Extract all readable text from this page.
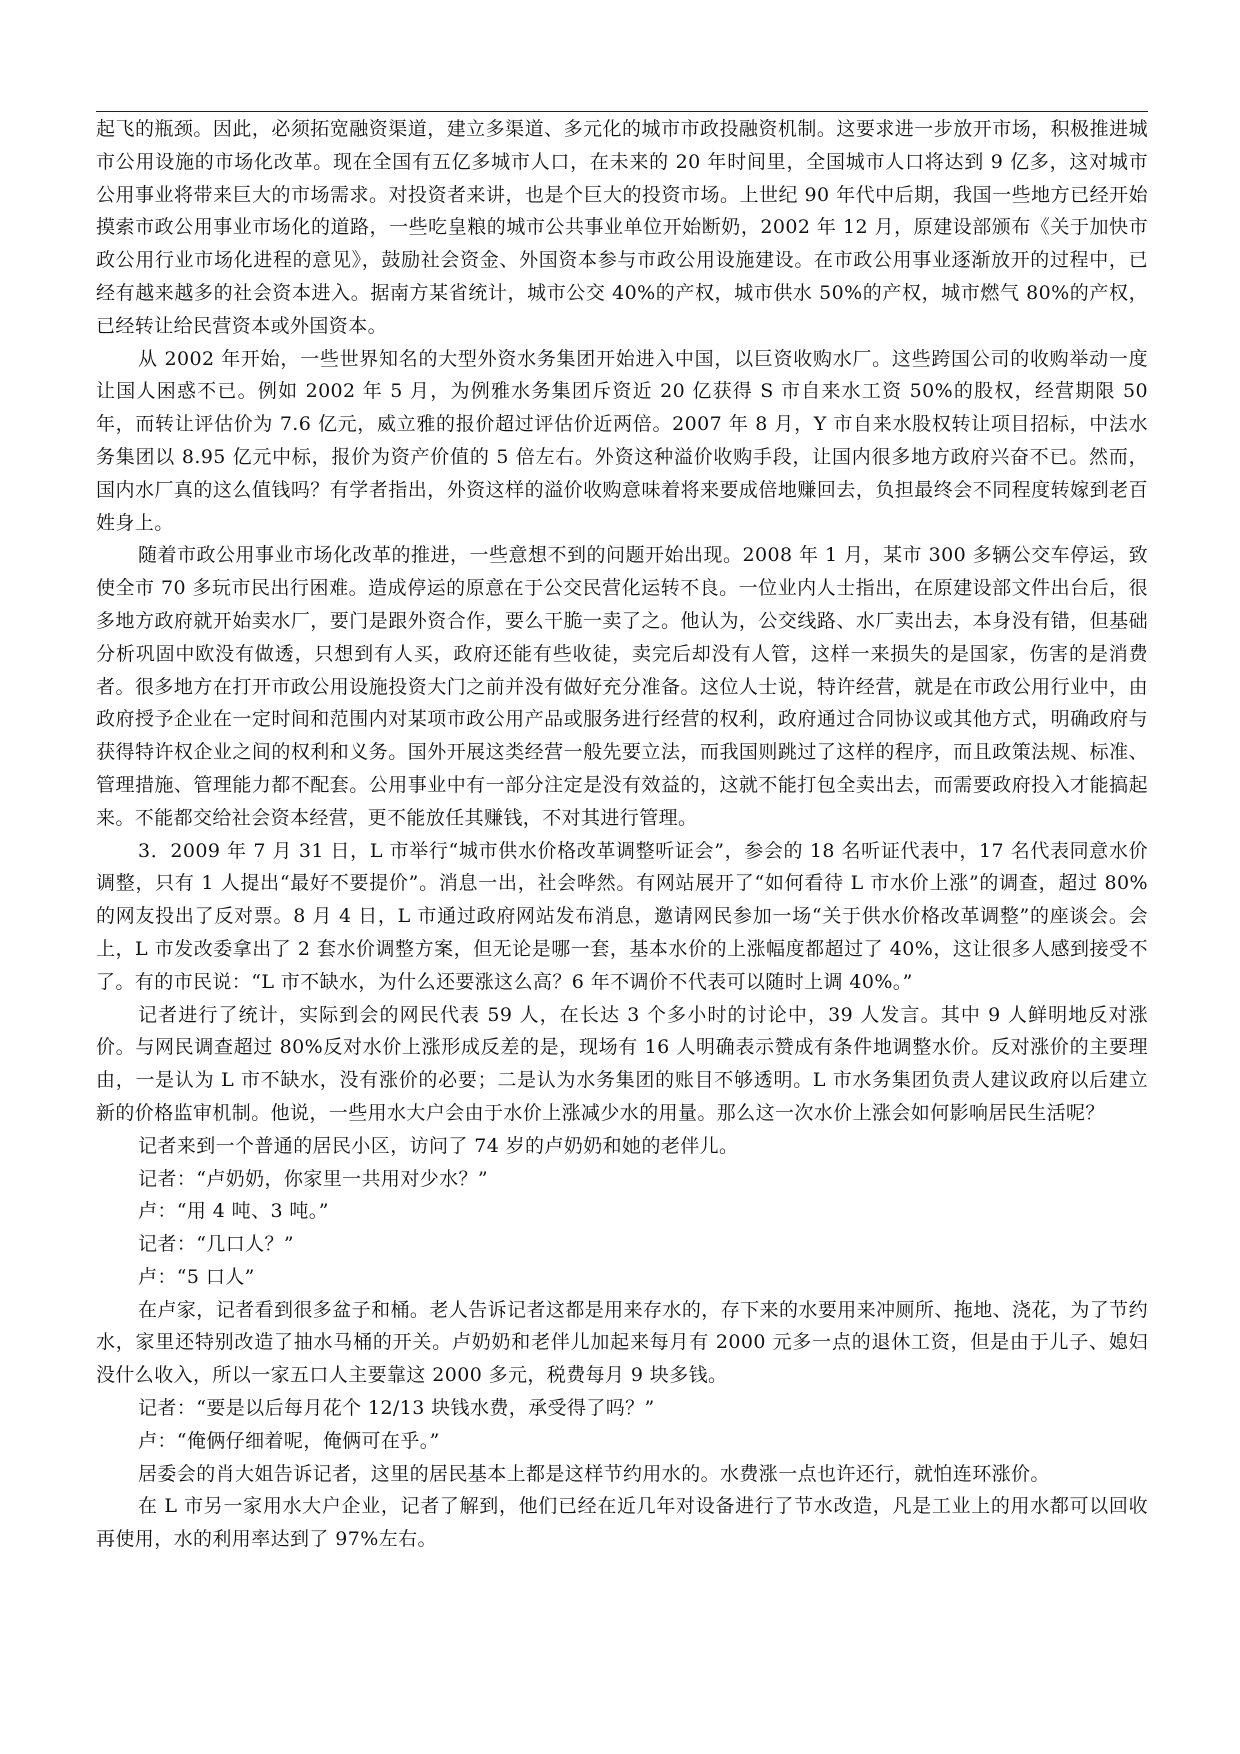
起飞的瓶颈。因此，必须拓宽融资渠道，建立多渠道、多元化的城市市政投融资机制。这要求进一步放开市场，积极推进城市公用设施的市场化改革。现在全国有五亿多城市人口，在未来的 20 年时间里，全国城市人口将达到 9 亿多，这对城市公用事业将带来巨大的市场需求。对投资者来讲，也是个巨大的投资市场。上世纪 90 年代中后期，我国一些地方已经开始摸索市政公用事业市场化的道路，一些吃皇粮的城市公共事业单位开始断奶，2002 年 12 月，原建设部颁布《关于加快市政公用行业市场化进程的意见》，鼓励社会资金、外国资本参与市政公用设施建设。在市政公用事业逐渐放开的过程中，已经有越来越多的社会资本进入。据南方某省统计，城市公交 40%的产权，城市供水 50%的产权，城市燃气 80%的产权，已经转让给民营资本或外国资本。

从 2002 年开始，一些世界知名的大型外资水务集团开始进入中国，以巨资收购水厂。这些跨国公司的收购举动一度让国人困惑不已。例如 2002 年 5 月，为例雅水务集团斥资近 20 亿获得 S 市自来水工资 50%的股权，经营期限 50 年，而转让评估价为 7.6 亿元，威立雅的报价超过评估价近两倍。2007 年 8 月，Y 市自来水股权转让项目招标，中法水务集团以 8.95 亿元中标，报价为资产价值的 5 倍左右。外资这种溢价收购手段，让国内很多地方政府兴奋不已。然而，国内水厂真的这么值钱吗？有学者指出，外资这样的溢价收购意味着将来要成倍地赚回去，负担最终会不同程度转嫁到老百姓身上。

随着市政公用事业市场化改革的推进，一些意想不到的问题开始出现。2008 年 1 月，某市 300 多辆公交车停运，致使全市 70 多玩市民出行困难。造成停运的原意在于公交民营化运转不良。一位业内人士指出，在原建设部文件出台后，很多地方政府就开始卖水厂，要门是跟外资合作，要么干脆一卖了之。他认为，公交线路、水厂卖出去，本身没有错，但基础分析巩固中欧没有做透，只想到有人买，政府还能有些收徒，卖完后却没有人管，这样一来损失的是国家，伤害的是消费者。很多地方在打开市政公用设施投资大门之前并没有做好充分准备。这位人士说，特许经营，就是在市政公用行业中，由政府授予企业在一定时间和范围内对某项市政公用产品或服务进行经营的权利，政府通过合同协议或其他方式，明确政府与获得特许权企业之间的权利和义务。国外开展这类经营一般先要立法，而我国则跳过了这样的程序，而且政策法规、标准、管理措施、管理能力都不配套。公用事业中有一部分注定是没有效益的，这就不能打包全卖出去，而需要政府投入才能搞起来。不能都交给社会资本经营，更不能放任其赚钱，不对其进行管理。

3．2009 年 7 月 31 日，L 市举行“城市供水价格改革调整听证会”，参会的 18 名听证代表中，17 名代表同意水价调整，只有 1 人提出“最好不要提价”。消息一出，社会哗然。有网站展开了“如何看待 L 市水价上涨”的调查，超过 80%的网友投出了反对票。8 月 4 日，L 市通过政府网站发布消息，邀请网民参加一场“关于供水价格改革调整”的座谈会。会上，L 市发改委拿出了 2 套水价调整方案，但无论是哪一套，基本水价的上涨幅度都超过了 40%，这让很多人感到接受不了。有的市民说：“L 市不缺水，为什么还要涨这么高？6 年不调价不代表可以随时上调 40%。”

记者进行了统计，实际到会的网民代表 59 人，在长达 3 个多小时的讨论中，39 人发言。其中 9 人鲜明地反对涨价。与网民调查超过 80%反对水价上涨形成反差的是，现场有 16 人明确表示赞成有条件地调整水价。反对涨价的主要理由，一是认为 L 市不缺水，没有涨价的必要；二是认为水务集团的账目不够透明。L 市水务集团负责人建议政府以后建立新的价格监审机制。他说，一些用水大户会由于水价上涨减少水的用量。那么这一次水价上涨会如何影响居民生活呢？

记者来到一个普通的居民小区，访问了 74 岁的卢奶奶和她的老伴儿。

记者：“卢奶奶，你家里一共用对少水？”

卢：“用 4 吨、3 吨。”

记者：“几口人？”

卢：“5 口人”

在卢家，记者看到很多盆子和桶。老人告诉记者这都是用来存水的，存下来的水要用来冲厕所、拖地、浇花，为了节约水，家里还特别改造了抽水马桶的开关。卢奶奶和老伴儿加起来每月有 2000 元多一点的退休工资，但是由于儿子、媳妇没什么收入，所以一家五口人主要靠这 2000 多元，税费每月 9 块多钱。

记者：“要是以后每月花个 12/13 块钱水费，承受得了吗？”

卢：“俺俩仔细着呢，俺俩可在乎。”

居委会的肖大姐告诉记者，这里的居民基本上都是这样节约用水的。水费涨一点也许还行，就怕连环涨价。

在 L 市另一家用水大户企业，记者了解到，他们已经在近几年对设备进行了节水改造，凡是工业上的用水都可以回收再使用，水的利用率达到了 97%左右。
